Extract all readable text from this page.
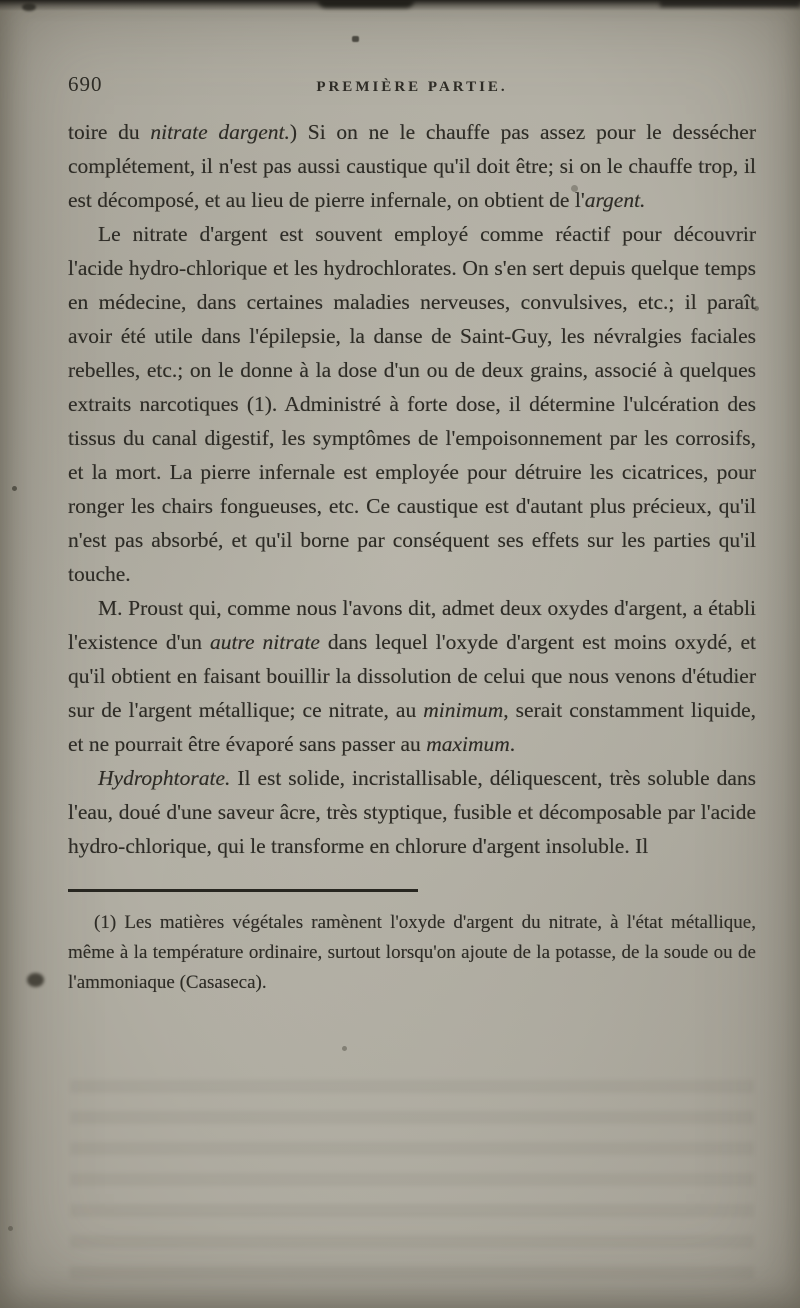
690	PREMIÈRE PARTIE.

toire du nitrate dargent.) Si on ne le chauffe pas assez pour le dessécher complétement, il n'est pas aussi caustique qu'il doit être; si on le chauffe trop, il est décomposé, et au lieu de pierre infernale, on obtient de l'argent.

Le nitrate d'argent est souvent employé comme réactif pour découvrir l'acide hydro-chlorique et les hydrochlorates. On s'en sert depuis quelque temps en médecine, dans certaines maladies nerveuses, convulsives, etc.; il paraît avoir été utile dans l'épilepsie, la danse de Saint-Guy, les névralgies faciales rebelles, etc.; on le donne à la dose d'un ou de deux grains, associé à quelques extraits narcotiques (1). Administré à forte dose, il détermine l'ulcération des tissus du canal digestif, les symptômes de l'empoisonnement par les corrosifs, et la mort. La pierre infernale est employée pour détruire les cicatrices, pour ronger les chairs fongueuses, etc. Ce caustique est d'autant plus précieux, qu'il n'est pas absorbé, et qu'il borne par conséquent ses effets sur les parties qu'il touche.

M. Proust qui, comme nous l'avons dit, admet deux oxydes d'argent, a établi l'existence d'un autre nitrate dans lequel l'oxyde d'argent est moins oxydé, et qu'il obtient en faisant bouillir la dissolution de celui que nous venons d'étudier sur de l'argent métallique; ce nitrate, au minimum, serait constamment liquide, et ne pourrait être évaporé sans passer au maximum.

Hydrophtorate. Il est solide, incristallisable, déliquescent, très soluble dans l'eau, doué d'une saveur âcre, très styptique, fusible et décomposable par l'acide hydro-chlorique, qui le transforme en chlorure d'argent insoluble. Il

(1) Les matières végétales ramènent l'oxyde d'argent du nitrate, à l'état métallique, même à la température ordinaire, surtout lorsqu'on ajoute de la potasse, de la soude ou de l'ammoniaque (Casaseca).
